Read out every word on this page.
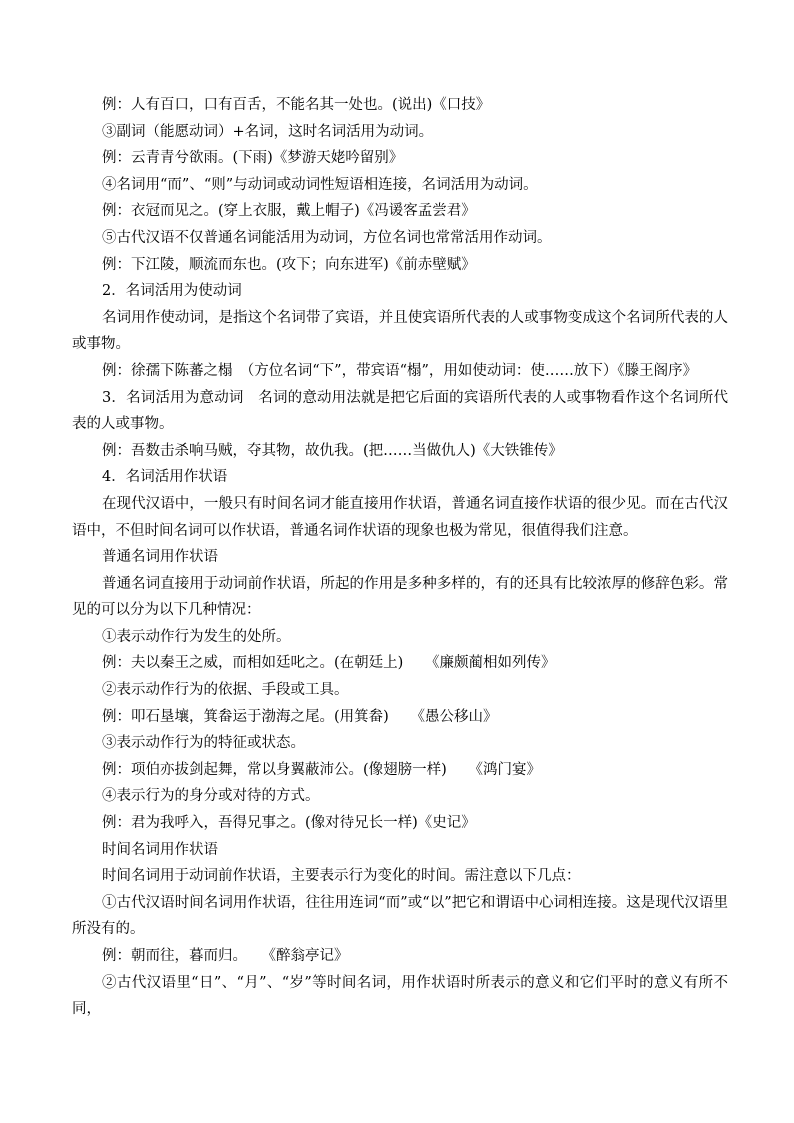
例：人有百口，口有百舌，不能名其一处也。(说出)《口技》
③副词（能愿动词）+名词，这时名词活用为动词。
例：云青青兮欲雨。(下雨)《梦游天姥吟留别》
④名词用“而”、“则”与动词或动词性短语相连接，名词活用为动词。
例：衣冠而见之。(穿上衣服，戴上帽子)《冯谖客孟尝君》
⑤古代汉语不仅普通名词能活用为动词，方位名词也常常活用作动词。
例：下江陵，顺流而东也。(攻下；向东进军)《前赤壁赋》
2．名词活用为使动词
名词用作使动词，是指这个名词带了宾语，并且使宾语所代表的人或事物变成这个名词所代表的人或事物。
例：徐孺下陈蕃之榻　（方位名词“下”，带宾语“榻”，用如使动词：使……放下）《滕王阁序》
3．名词活用为意动词　名词的意动用法就是把它后面的宾语所代表的人或事物看作这个名词所代表的人或事物。
例：吾数击杀响马贼，夺其物，故仇我。(把……当做仇人)《大铁锥传》
4．名词活用作状语
在现代汉语中，一般只有时间名词才能直接用作状语，普通名词直接作状语的很少见。而在古代汉语中，不但时间名词可以作状语，普通名词作状语的现象也极为常见，很值得我们注意。
普通名词用作状语
普通名词直接用于动词前作状语，所起的作用是多种多样的，有的还具有比较浓厚的修辞色彩。常见的可以分为以下几种情况：
①表示动作行为发生的处所。
例：夫以秦王之威，而相如廷叱之。(在朝廷上)　　《廉颇蔺相如列传》
②表示动作行为的依据、手段或工具。
例：叩石垦壤，箕畚运于渤海之尾。(用箕畚)　　《愚公移山》
③表示动作行为的特征或状态。
例：项伯亦拔剑起舞，常以身翼蔽沛公。(像翅膀一样)　　《鸿门宴》
④表示行为的身分或对待的方式。
例：君为我呼入，吾得兄事之。(像对待兄长一样)《史记》
时间名词用作状语
时间名词用于动词前作状语，主要表示行为变化的时间。需注意以下几点：
①古代汉语时间名词用作状语，往往用连词“而”或“以”把它和谓语中心词相连接。这是现代汉语里所没有的。
例：朝而往，暮而归。　　《醉翁亭记》
②古代汉语里“日”、“月”、“岁”等时间名词，用作状语时所表示的意义和它们平时的意义有所不同，
